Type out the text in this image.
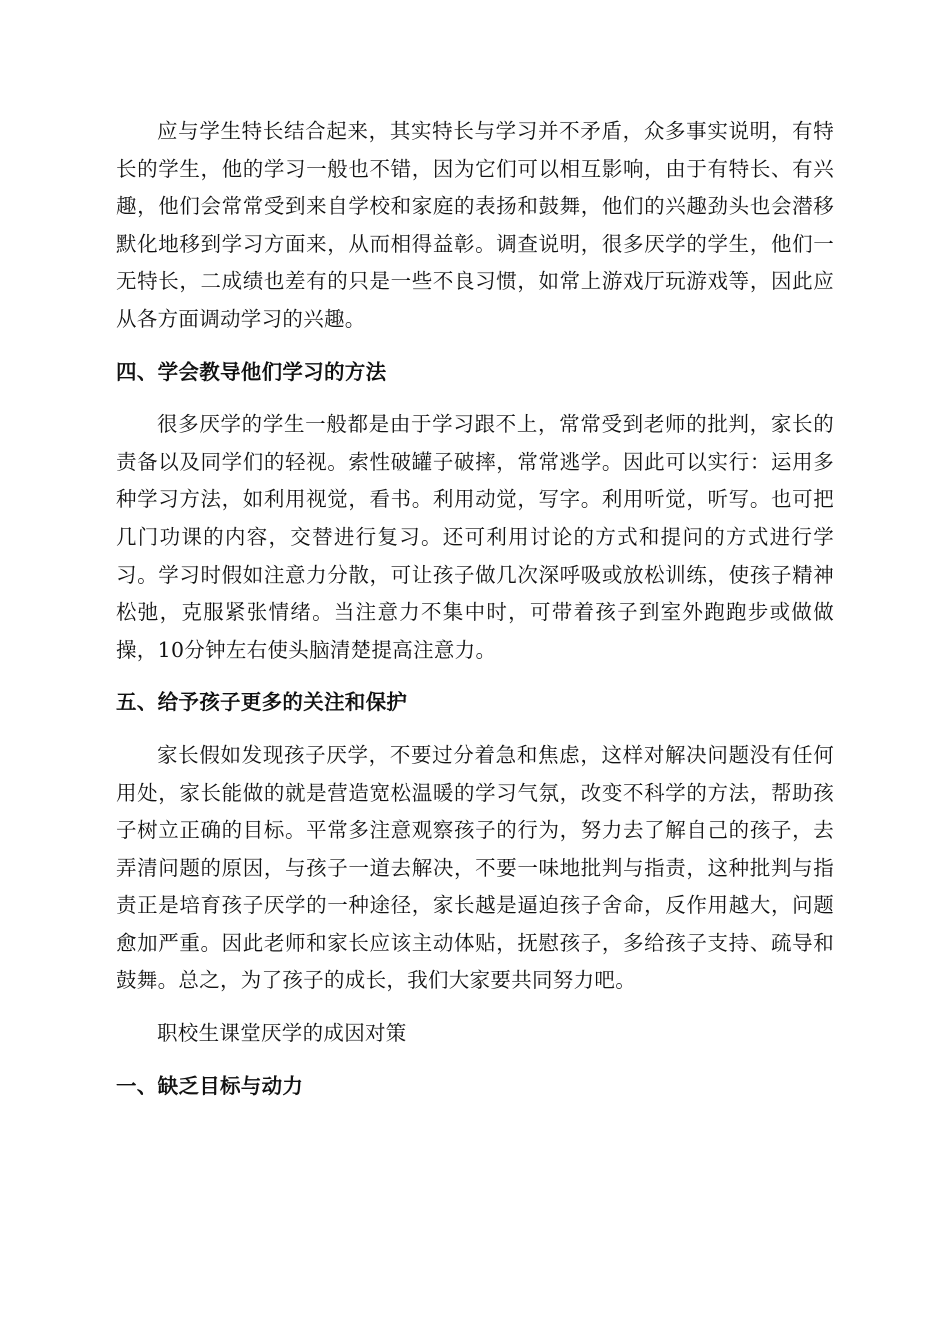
应与学生特长结合起来，其实特长与学习并不矛盾，众多事实说明，有特长的学生，他的学习一般也不错，因为它们可以相互影响，由于有特长、有兴趣，他们会常常受到来自学校和家庭的表扬和鼓舞，他们的兴趣劲头也会潜移默化地移到学习方面来，从而相得益彰。调查说明，很多厌学的学生，他们一无特长，二成绩也差有的只是一些不良习惯，如常上游戏厅玩游戏等，因此应从各方面调动学习的兴趣。

四、学会教导他们学习的方法

很多厌学的学生一般都是由于学习跟不上，常常受到老师的批判，家长的责备以及同学们的轻视。索性破罐子破摔，常常逃学。因此可以实行：运用多种学习方法，如利用视觉，看书。利用动觉，写字。利用听觉，听写。也可把几门功课的内容，交替进行复习。还可利用讨论的方式和提问的方式进行学习。学习时假如注意力分散，可让孩子做几次深呼吸或放松训练，使孩子精神松弛，克服紧张情绪。当注意力不集中时，可带着孩子到室外跑跑步或做做操，10分钟左右使头脑清楚提高注意力。

五、给予孩子更多的关注和保护

家长假如发现孩子厌学，不要过分着急和焦虑，这样对解决问题没有任何用处，家长能做的就是营造宽松温暖的学习气氛，改变不科学的方法，帮助孩子树立正确的目标。平常多注意观察孩子的行为，努力去了解自己的孩子，去弄清问题的原因，与孩子一道去解决，不要一味地批判与指责，这种批判与指责正是培育孩子厌学的一种途径，家长越是逼迫孩子舍命，反作用越大，问题愈加严重。因此老师和家长应该主动体贴，抚慰孩子，多给孩子支持、疏导和鼓舞。总之，为了孩子的成长，我们大家要共同努力吧。

职校生课堂厌学的成因对策

一、缺乏目标与动力
